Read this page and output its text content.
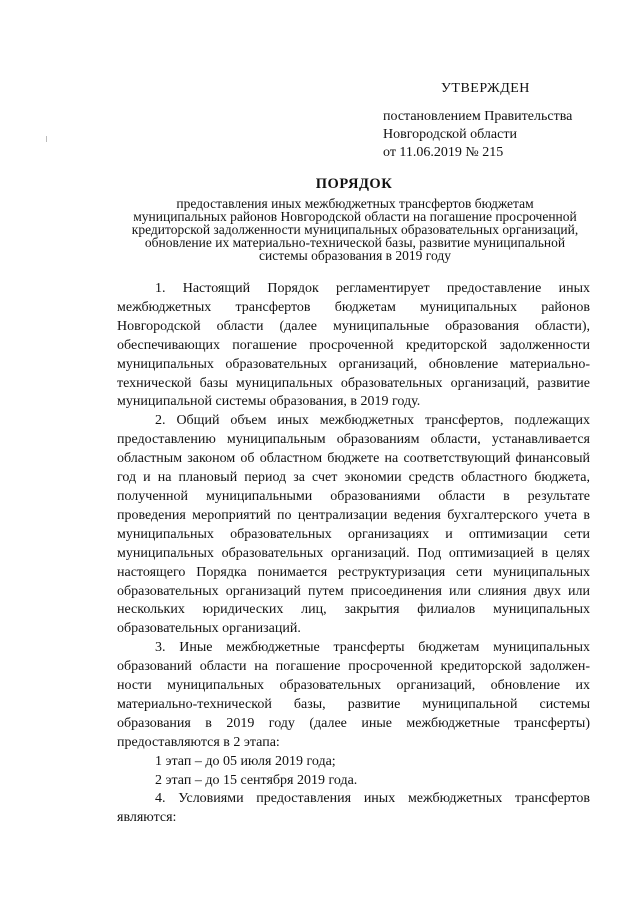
УТВЕРЖДЕН
постановлением Правительства
Новгородской области
от 11.06.2019 № 215
ПОРЯДОК
предоставления иных межбюджетных трансфертов бюджетам
муниципальных районов Новгородской области на погашение просроченной
кредиторской задолженности муниципальных образовательных организаций,
обновление их материально-технической базы, развитие муниципальной
системы образования в 2019 году

1. Настоящий Порядок регламентирует предоставление иных межбюджетных трансфертов бюджетам муниципальных районов Новгородской области (далее муниципальные образования области), обеспечивающих погашение просроченной кредиторской задолженности муниципальных образовательных организаций, обновление материально-технической базы муниципальных образовательных организаций, развитие муниципальной системы образования, в 2019 году.

2. Общий объем иных межбюджетных трансфертов, подлежащих предоставлению муниципальным образованиям области, устанавливается областным законом об областном бюджете на соответствующий финансовый год и на плановый период за счет экономии средств областного бюджета, полученной муниципальными образованиями области в результате проведения мероприятий по централизации ведения бухгалтерского учета в муниципальных образовательных организациях и оптимизации сети муниципальных образовательных организаций. Под оптимизацией в целях настоящего Порядка понимается реструктуризация сети муниципальных образовательных организаций путем присоединения или слияния двух или нескольких юридических лиц, закрытия филиалов муниципальных образовательных организаций.

3. Иные межбюджетные трансферты бюджетам муниципальных образований области на погашение просроченной кредиторской задолженности муниципальных образовательных организаций, обновление их материально-технической базы, развитие муниципальной системы образования в 2019 году (далее иные межбюджетные трансферты) предоставляются в 2 этапа:

1 этап – до 05 июля 2019 года;

2 этап – до 15 сентября 2019 года.

4. Условиями предоставления иных межбюджетных трансфертов являются:
